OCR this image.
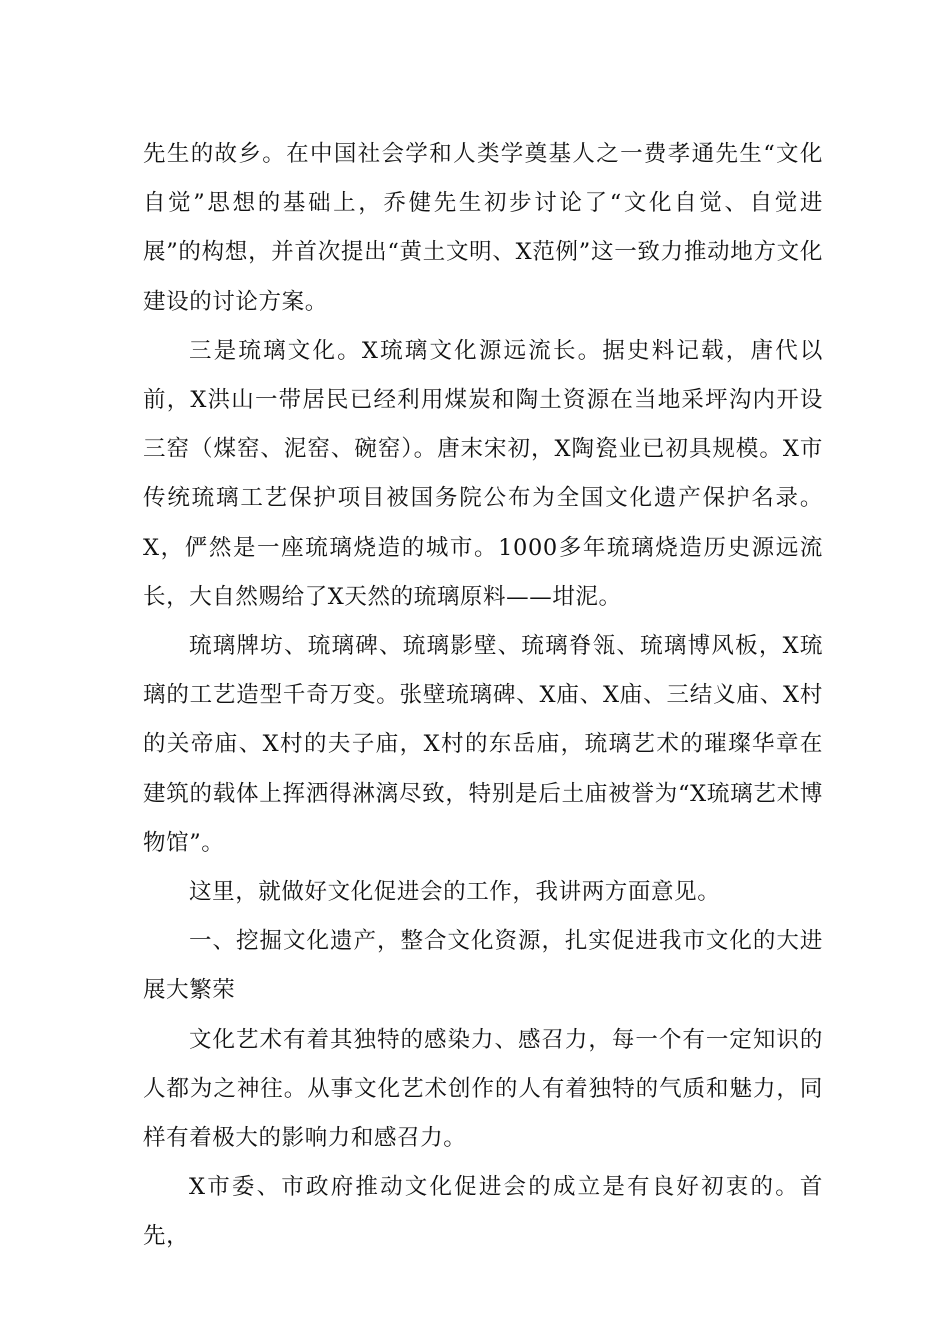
先生的故乡。在中国社会学和人类学奠基人之一费孝通先生“文化自觉”思想的基础上，乔健先生初步讨论了“文化自觉、自觉进展”的构想，并首次提出“黄土文明、X范例”这一致力推动地方文化建设的讨论方案。

三是琉璃文化。X琉璃文化源远流长。据史料记载，唐代以前，X洪山一带居民已经利用煤炭和陶土资源在当地采坪沟内开设三窑（煤窑、泥窑、碗窑）。唐末宋初，X陶瓷业已初具规模。X市传统琉璃工艺保护项目被国务院公布为全国文化遗产保护名录。X，俨然是一座琉璃烧造的城市。1000多年琉璃烧造历史源远流长，大自然赐给了X天然的琉璃原料——坩泥。

琉璃牌坊、琉璃碑、琉璃影壁、琉璃脊瓴、琉璃博风板，X琉璃的工艺造型千奇万变。张壁琉璃碑、X庙、X庙、三结义庙、X村的关帝庙、X村的夫子庙，X村的东岳庙，琉璃艺术的璀璨华章在建筑的载体上挥洒得淋漓尽致，特别是后土庙被誉为“X琉璃艺术博物馆”。

这里，就做好文化促进会的工作，我讲两方面意见。

一、挖掘文化遗产，整合文化资源，扎实促进我市文化的大进展大繁荣

文化艺术有着其独特的感染力、感召力，每一个有一定知识的人都为之神往。从事文化艺术创作的人有着独特的气质和魅力，同样有着极大的影响力和感召力。

X市委、市政府推动文化促进会的成立是有良好初衷的。首先，
